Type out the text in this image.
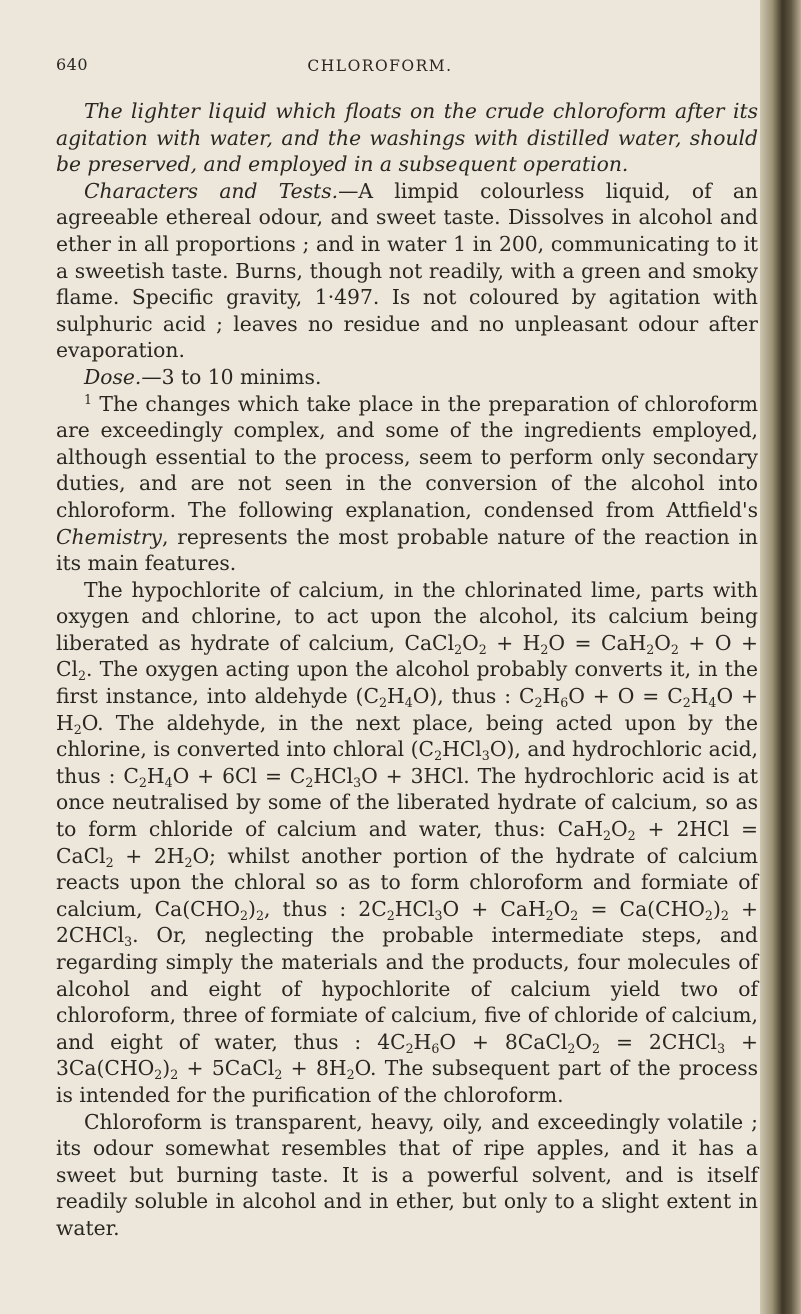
640	CHLOROFORM.

The lighter liquid which floats on the crude chloroform after its agitation with water, and the washings with distilled water, should be preserved, and employed in a subsequent operation.

Characters and Tests.—A limpid colourless liquid, of an agreeable ethereal odour, and sweet taste. Dissolves in alcohol and ether in all proportions ; and in water 1 in 200, communicating to it a sweetish taste. Burns, though not readily, with a green and smoky flame. Specific gravity, 1·497. Is not coloured by agitation with sulphuric acid ; leaves no residue and no unpleasant odour after evaporation.

Dose.—3 to 10 minims.

$^1$ The changes which take place in the preparation of chloroform are exceedingly complex, and some of the ingredients employed, although essential to the process, seem to perform only secondary duties, and are not seen in the conversion of the alcohol into chloroform. The following explanation, condensed from Attfield's Chemistry, represents the most probable nature of the reaction in its main features.

The hypochlorite of calcium, in the chlorinated lime, parts with oxygen and chlorine, to act upon the alcohol, its calcium being liberated as hydrate of calcium, $CaCl_2O_2 + H_2O = CaH_2O_2 + O + Cl_2$. The oxygen acting upon the alcohol probably converts it, in the first instance, into aldehyde $(C_2H_4O)$, thus : $C_2H_6O + O = C_2H_4O + H_2O$. The aldehyde, in the next place, being acted upon by the chlorine, is converted into chloral $(C_2HCl_3O)$, and hydrochloric acid, thus : $C_2H_4O + 6Cl = C_2HCl_3O + 3HCl$. The hydrochloric acid is at once neutralised by some of the liberated hydrate of calcium, so as to form chloride of calcium and water, thus: $CaH_2O_2 + 2HCl$ = CaCl$_2$ + $2H_2O$; whilst another portion of the hydrate of calcium reacts upon the chloral so as to form chloroform and formiate of calcium, $Ca(CHO_2)_2$, thus : $2C_2HCl_3O + CaH_2O_2 = Ca(CHO_2)_2$ + 2CHCl$_3$. Or, neglecting the probable intermediate steps, and regarding simply the materials and the products, four molecules of alcohol and eight of hypochlorite of calcium yield two of chloroform, three of formiate of calcium, five of chloride of calcium, and eight of water, thus : $4C_2H_6O$ + $8CaCl_2O_2$ = 2CHCl$_3$ + $3Ca(CHO_2)_2$ + 5CaCl$_2$ + $8H_2O$. The subsequent part of the process is intended for the purification of the chloroform.

Chloroform is transparent, heavy, oily, and exceedingly volatile ; its odour somewhat resembles that of ripe apples, and it has a sweet but burning taste. It is a powerful solvent, and is itself readily soluble in alcohol and in ether, but only to a slight extent in water.
